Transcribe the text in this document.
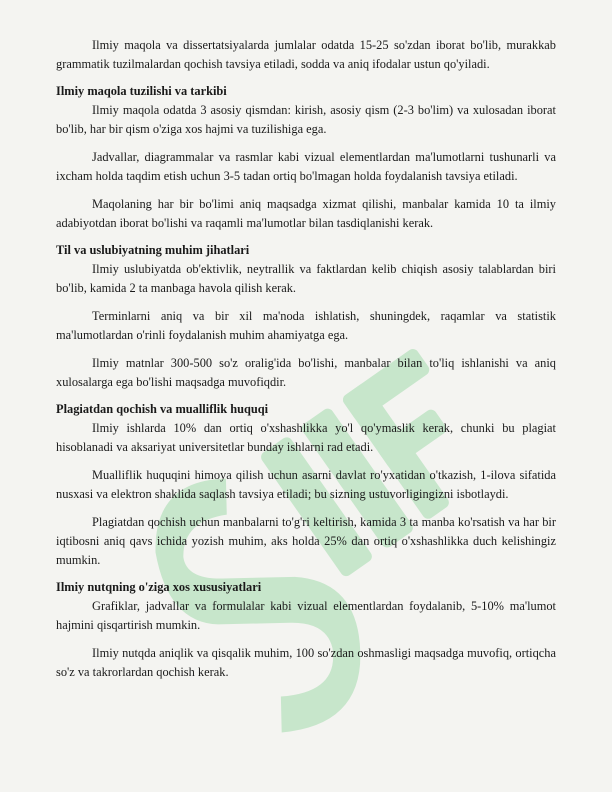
Ilmiy maqola va dissertatsiyalarda jumlalar odatda 15-25 so'zdan iborat bo'lib, murakkab grammatik tuzilmalardan qochish tavsiya etiladi, sodda va aniq ifodalar ustun qo'yiladi.

Ilmiy maqola tuzilishi va tarkibi

Ilmiy maqola odatda 3 asosiy qismdan: kirish, asosiy qism (2-3 bo'lim) va xulosadan iborat bo'lib, har bir qism o'ziga xos hajmi va tuzilishiga ega.

Jadvallar, diagrammalar va rasmlar kabi vizual elementlardan ma'lumotlarni tushunarli va ixcham holda taqdim etish uchun 3-5 tadan ortiq bo'lmagan holda foydalanish tavsiya etiladi.

Maqolaning har bir bo'limi aniq maqsadga xizmat qilishi, manbalar kamida 10 ta ilmiy adabiyotdan iborat bo'lishi va raqamli ma'lumotlar bilan tasdiqlanishi kerak.

Til va uslubiyatning muhim jihatlari

Ilmiy uslubiyatda ob'ektivlik, neytrallik va faktlardan kelib chiqish asosiy talablardan biri bo'lib, kamida 2 ta manbaga havola qilish kerak.

Terminlarni aniq va bir xil ma'noda ishlatish, shuningdek, raqamlar va statistik ma'lumotlardan o'rinli foydalanish muhim ahamiyatga ega.

Ilmiy matnlar 300-500 so'z oralig'ida bo'lishi, manbalar bilan to'liq ishlanishi va aniq xulosalarga ega bo'lishi maqsadga muvofiqdir.

Plagiatdan qochish va mualliflik huquqi

Ilmiy ishlarda 10% dan ortiq o'xshashlikka yo'l qo'ymaslik kerak, chunki bu plagiat hisoblanadi va aksariyat universitetlar bunday ishlarni rad etadi.

Mualliflik huquqini himoya qilish uchun asarni davlat ro'yxatidan o'tkazish, 1-ilova sifatida nusxasi va elektron shaklida saqlash tavsiya etiladi; bu sizning ustuvorligingizni isbotlaydi.

Plagiatdan qochish uchun manbalarni to'g'ri keltirish, kamida 3 ta manba ko'rsatish va har bir iqtibosni aniq qavs ichida yozish muhim, aks holda 25% dan ortiq o'xshashlikka duch kelishingiz mumkin.

Ilmiy nutqning o'ziga xos xususiyatlari

Grafiklar, jadvallar va formulalar kabi vizual elementlardan foydalanib, 5-10% ma'lumot hajmini qisqartirish mumkin.

Ilmiy nutqda aniqlik va qisqalik muhim, 100 so'zdan oshmasligi maqsadga muvofiq, ortiqcha so'z va takrorlardan qochish kerak.
